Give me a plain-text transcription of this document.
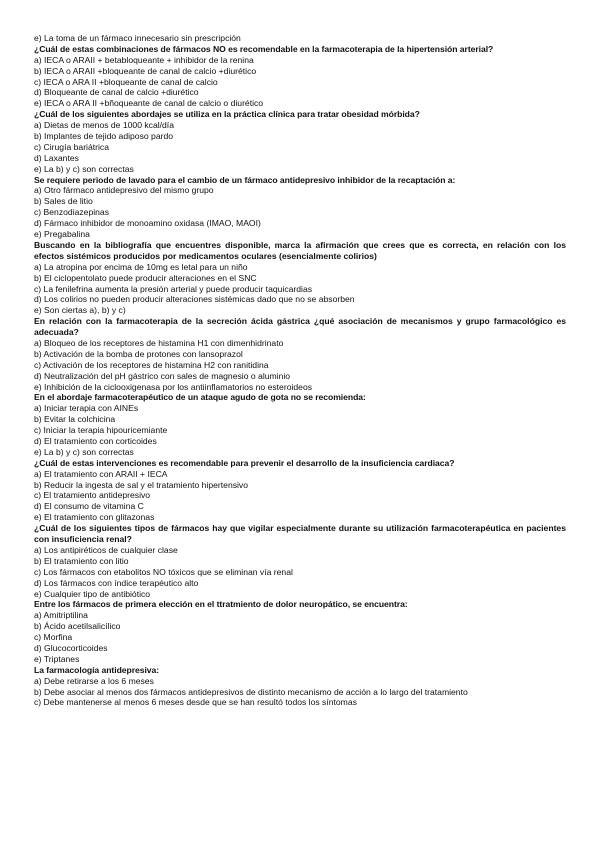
e) La toma de un fármaco innecesario sin prescripción
¿Cuál de estas combinaciones de fármacos NO es recomendable en la farmacoterapia de la hipertensión arterial?
a) IECA o ARAII + betabloqueante + inhibidor de la renina
b) IECA o ARAII +bloqueante de canal de calcio +diurético
c) IECA o ARA II +bloqueante de canal de calcio
d) Bloqueante de canal de calcio +diurético
e) IECA o ARA II +bñoqueante de canal de calcio o diurético
¿Cuál de los siguientes abordajes se utiliza en la práctica clínica para tratar obesidad mórbida?
a) Dietas de menos de 1000 kcal/día
b) Implantes de tejido adiposo pardo
c) Cirugía bariátrica
d) Laxantes
e) La b) y c) son correctas
Se requiere periodo de lavado para el cambio de un fármaco antidepresivo inhibidor de la recaptación a:
a) Otro fármaco antidepresivo del mismo grupo
b) Sales de litio
c) Benzodiazepinas
d) Fármaco inhibidor de monoamino oxidasa (IMAO, MAOI)
e) Pregabalina
Buscando en la bibliografía que encuentres disponible, marca la afirmación que crees que es correcta, en relación con los efectos sistémicos producidos por medicamentos oculares (esencialmente colirios)
a) La atropina por encima de 10mg es letal para un niño
b) El ciclopentolato puede producir alteraciones en el SNC
c) La fenilefrina aumenta la presión arterial y puede producir taquicardias
d) Los colirios no pueden producir alteraciones sistémicas dado que no se absorben
e) Son ciertas a), b) y c)
En relación con la farmacoterapia de la secreción ácida gástrica ¿qué asociación de mecanismos y grupo farmacológico es adecuada?
a) Bloqueo de los receptores de histamina H1 con dimenhidrinato
b) Activación de la bomba de protones con lansoprazol
c) Activación de los receptores de histamina H2 con ranitidina
d) Neutralización del pH gástrico con sales de magnesio o aluminio
e) Inhibición de la ciclooxigenasa por los antiinflamatorios no esteroideos
En el abordaje farmacoterapéutico de un ataque agudo de gota no se recomienda:
a) Iniciar terapia con AINEs
b) Evitar la colchicina
c) Iniciar la terapia hipouricemiante
d) El tratamiento con corticoides
e) La b) y c) son correctas
¿Cuál de estas intervenciones es recomendable para prevenir el desarrollo de la insuficiencia cardiaca?
a) El tratamiento con ARAII + IECA
b) Reducir la ingesta de sal y el tratamiento hipertensivo
c) El tratamiento antidepresivo
d) El consumo de vitamina C
e) El tratamiento con glitazonas
¿Cuál de los siguientes tipos de fármacos hay que vigilar especialmente durante su utilización farmacoterapéutica en pacientes con insuficiencia renal?
a) Los antipiréticos de cualquier clase
b) El tratamiento con litio
c) Los fármacos con etabolitos NO tóxicos que se eliminan vía renal
d) Los fármacos con índice terapéutico alto
e) Cualquier tipo de antibiótico
Entre los fármacos de primera elección en el ttratmiento de dolor neuropático, se encuentra:
a) Amitriptilina
b) Ácido acetilsalicílico
c) Morfina
d) Glucocorticoides
e) Triptanes
La farmacología antidepresiva:
a) Debe retirarse a los 6 meses
b) Debe asociar al menos dos fármacos antidepresivos de distinto mecanismo de acción a lo largo del tratamiento
c) Debe mantenerse al menos 6 meses desde que se han resultó todos los síntomas
